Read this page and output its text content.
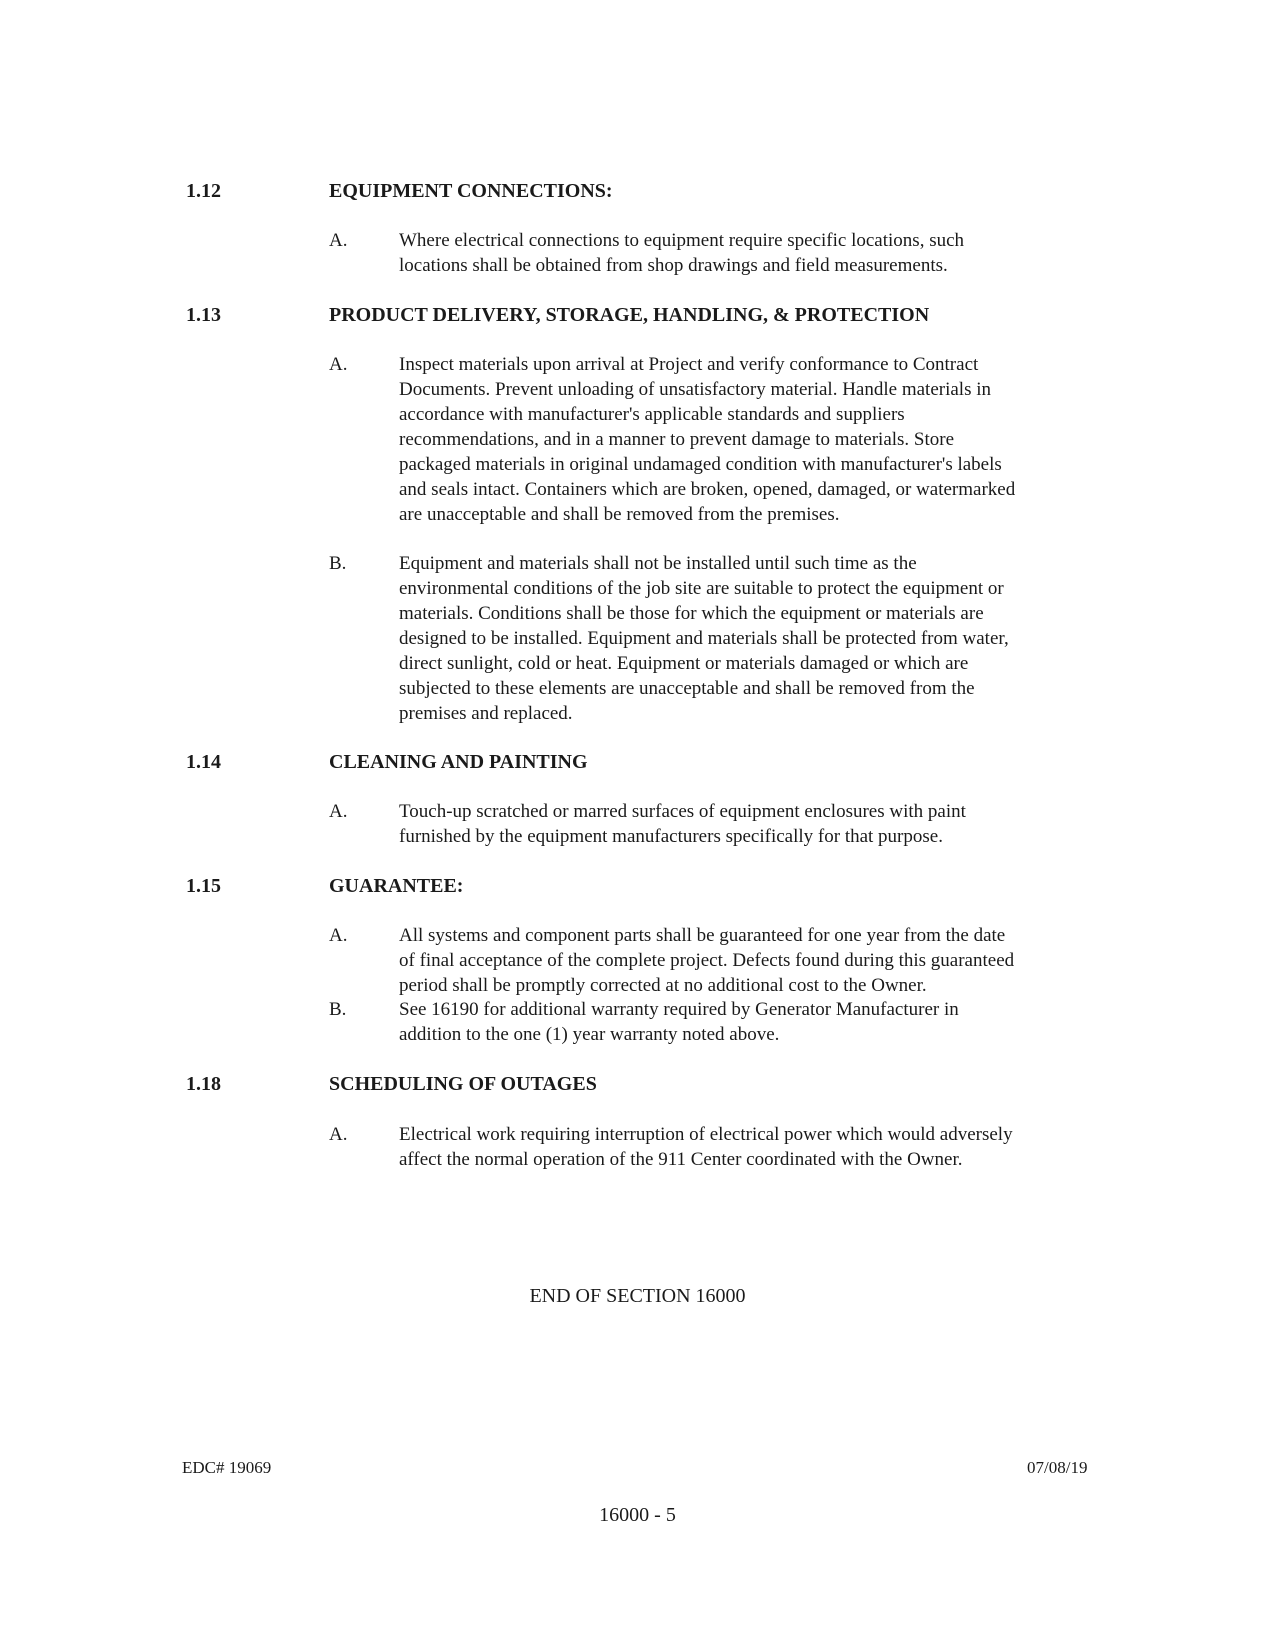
1.12	EQUIPMENT CONNECTIONS:
A.	Where electrical connections to equipment require specific locations, such
locations shall be obtained from shop drawings and field measurements.
1.13	PRODUCT DELIVERY, STORAGE, HANDLING, & PROTECTION
A.	Inspect materials upon arrival at Project and verify conformance to Contract
Documents. Prevent unloading of unsatisfactory material. Handle materials in
accordance with manufacturer's applicable standards and suppliers
recommendations, and in a manner to prevent damage to materials. Store
packaged materials in original undamaged condition with manufacturer's labels
and seals intact. Containers which are broken, opened, damaged, or watermarked
are unacceptable and shall be removed from the premises.
B.	Equipment and materials shall not be installed until such time as the
environmental conditions of the job site are suitable to protect the equipment or
materials. Conditions shall be those for which the equipment or materials are
designed to be installed. Equipment and materials shall be protected from water,
direct sunlight, cold or heat. Equipment or materials damaged or which are
subjected to these elements are unacceptable and shall be removed from the
premises and replaced.
1.14	CLEANING AND PAINTING
A.	Touch-up scratched or marred surfaces of equipment enclosures with paint
furnished by the equipment manufacturers specifically for that purpose.
1.15	GUARANTEE:
A.	All systems and component parts shall be guaranteed for one year from the date
of final acceptance of the complete project. Defects found during this guaranteed
period shall be promptly corrected at no additional cost to the Owner.
B.	See 16190 for additional warranty required by Generator Manufacturer in
addition to the one (1) year warranty noted above.
1.18	SCHEDULING OF OUTAGES
A.	Electrical work requiring interruption of electrical power which would adversely
affect the normal operation of the 911 Center coordinated with the Owner.
END OF SECTION 16000
EDC# 19069	07/08/19
16000 - 5
